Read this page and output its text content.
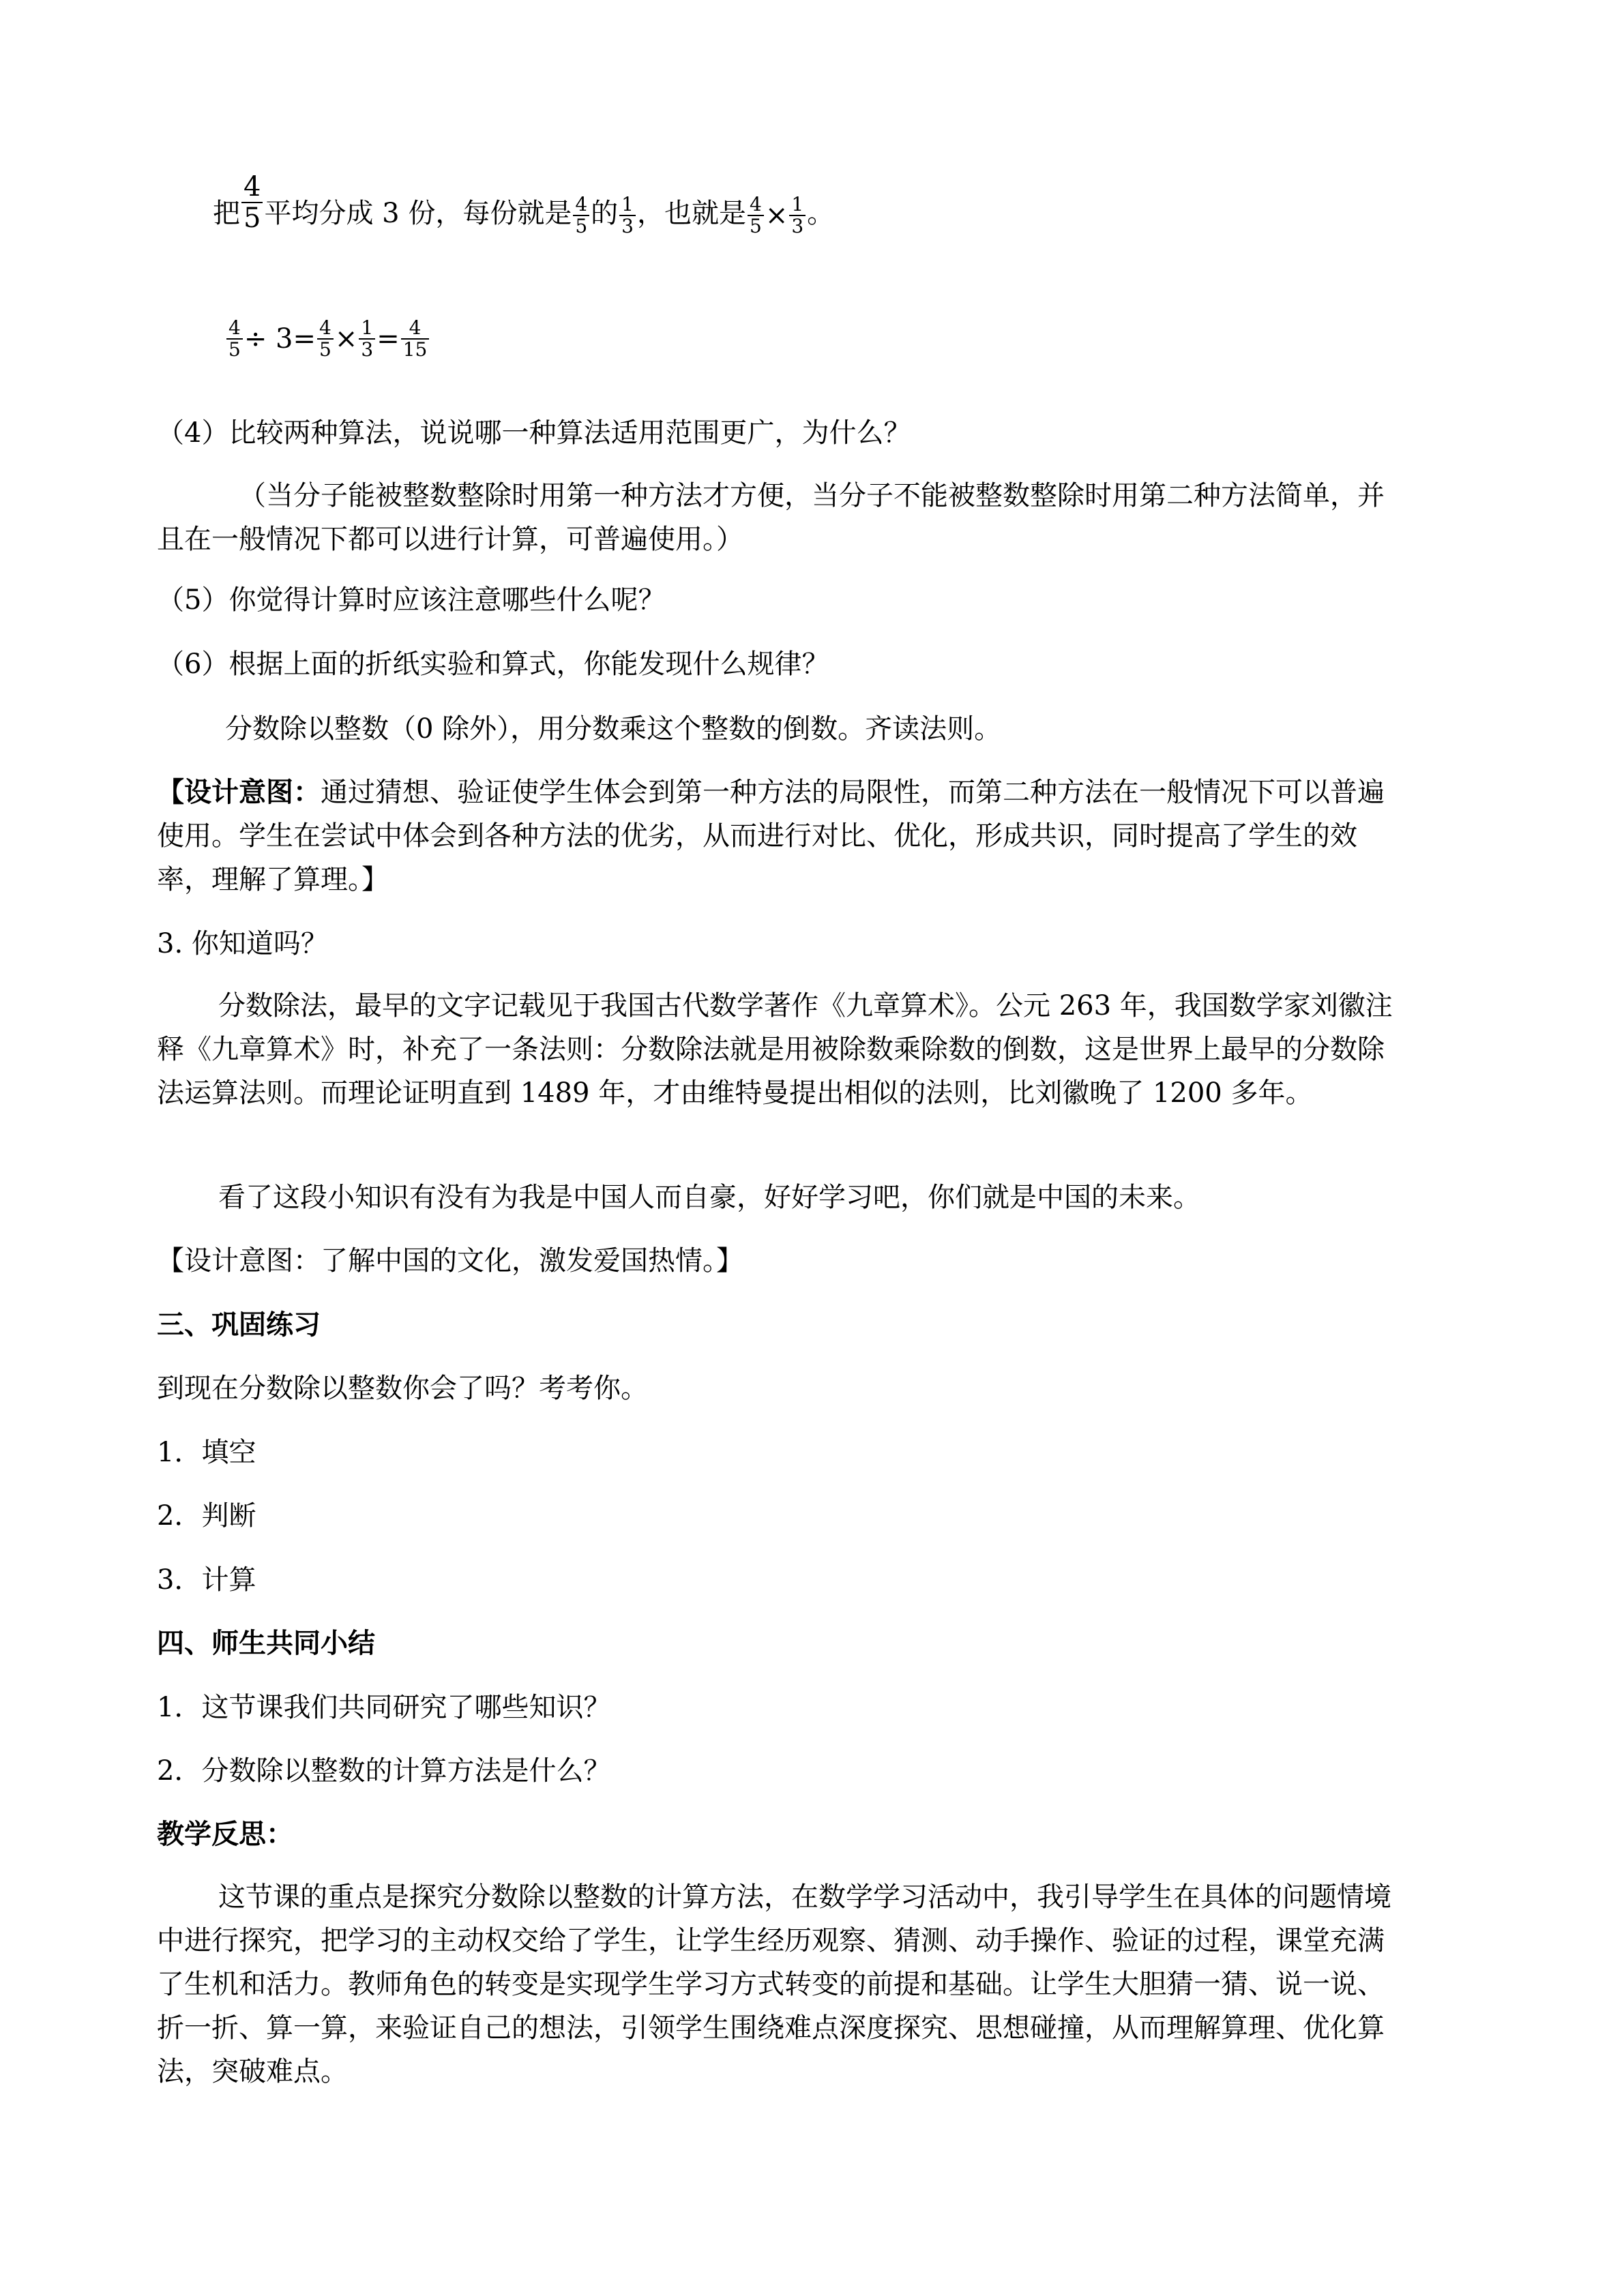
把 $\frac{4}{5}$ 平均分成 3 份，每份就是 $\frac{4}{5}$ 的 $\frac{1}{3}$ ，也就是 $\frac{4}{5} \times \frac{1}{3}$ 。
$\frac{4}{5} \div 3= \frac{4}{5} \times \frac{1}{3} = \frac{4}{15}$
（4）比较两种算法，说说哪一种算法适用范围更广，为什么？
（当分子能被整数整除时用第一种方法才方便，当分子不能被整数整除时用第二种方法简单，并且在一般情况下都可以进行计算，可普遍使用。）
（5）你觉得计算时应该注意哪些什么呢？
（6）根据上面的折纸实验和算式，你能发现什么规律？
分数除以整数（0 除外），用分数乘这个整数的倒数。齐读法则。
【设计意图：通过猜想、验证使学生体会到第一种方法的局限性，而第二种方法在一般情况下可以普遍使用。学生在尝试中体会到各种方法的优劣，从而进行对比、优化，形成共识，同时提高了学生的效率，理解了算理。】
3. 你知道吗？
分数除法，最早的文字记载见于我国古代数学著作《九章算术》。公元 263 年，我国数学家刘徽注释《九章算术》时，补充了一条法则：分数除法就是用被除数乘除数的倒数，这是世界上最早的分数除法运算法则。而理论证明直到 1489 年，才由维特曼提出相似的法则，比刘徽晚了 1200 多年。
看了这段小知识有没有为我是中国人而自豪，好好学习吧，你们就是中国的未来。
【设计意图：了解中国的文化，激发爱国热情。】
三、巩固练习
到现在分数除以整数你会了吗？考考你。
1．填空
2．判断
3．计算
四、师生共同小结
1．这节课我们共同研究了哪些知识？
2．分数除以整数的计算方法是什么？
教学反思：
这节课的重点是探究分数除以整数的计算方法，在数学学习活动中，我引导学生在具体的问题情境中进行探究，把学习的主动权交给了学生，让学生经历观察、猜测、动手操作、验证的过程，课堂充满了生机和活力。教师角色的转变是实现学生学习方式转变的前提和基础。让学生大胆猜一猜、说一说、折一折、算一算，来验证自己的想法，引领学生围绕难点深度探究、思想碰撞，从而理解算理、优化算法，突破难点。
